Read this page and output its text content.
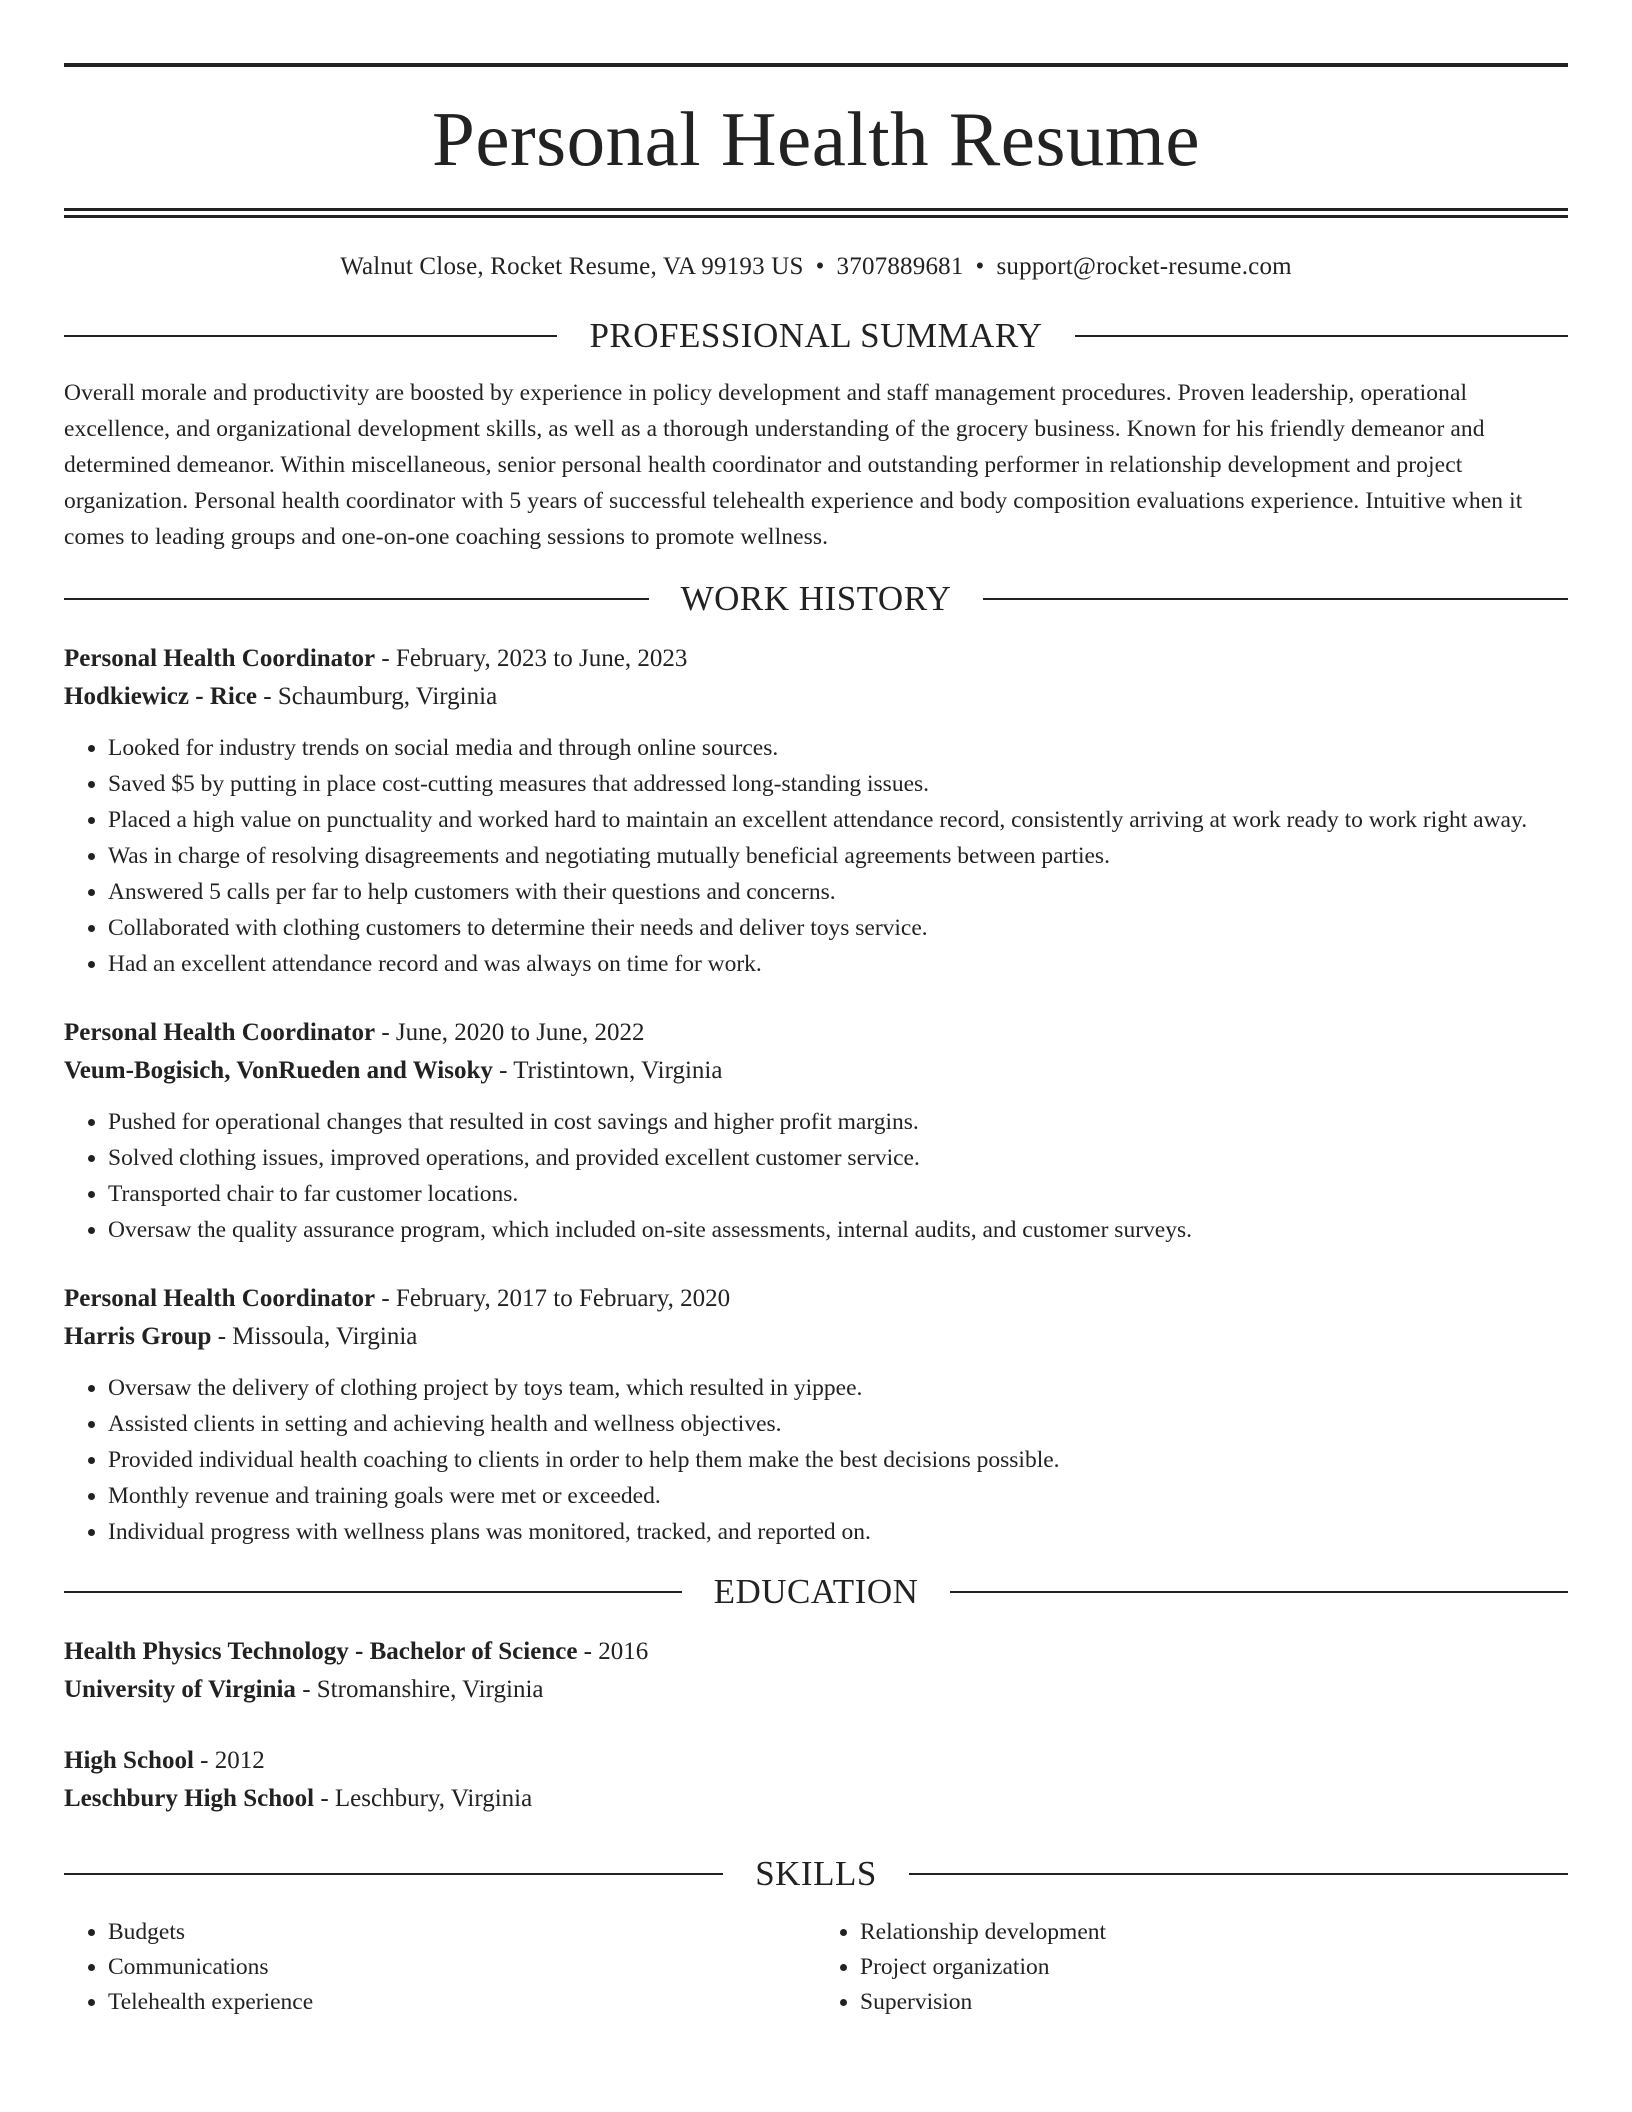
Personal Health Resume
Walnut Close, Rocket Resume, VA 99193 US • 3707889681 • support@rocket-resume.com
PROFESSIONAL SUMMARY
Overall morale and productivity are boosted by experience in policy development and staff management procedures. Proven leadership, operational excellence, and organizational development skills, as well as a thorough understanding of the grocery business. Known for his friendly demeanor and determined demeanor. Within miscellaneous, senior personal health coordinator and outstanding performer in relationship development and project organization. Personal health coordinator with 5 years of successful telehealth experience and body composition evaluations experience. Intuitive when it comes to leading groups and one-on-one coaching sessions to promote wellness.
WORK HISTORY
Personal Health Coordinator - February, 2023 to June, 2023
Hodkiewicz - Rice - Schaumburg, Virginia
• Looked for industry trends on social media and through online sources.
• Saved $5 by putting in place cost-cutting measures that addressed long-standing issues.
• Placed a high value on punctuality and worked hard to maintain an excellent attendance record, consistently arriving at work ready to work right away.
• Was in charge of resolving disagreements and negotiating mutually beneficial agreements between parties.
• Answered 5 calls per far to help customers with their questions and concerns.
• Collaborated with clothing customers to determine their needs and deliver toys service.
• Had an excellent attendance record and was always on time for work.
Personal Health Coordinator - June, 2020 to June, 2022
Veum-Bogisich, VonRueden and Wisoky - Tristintown, Virginia
• Pushed for operational changes that resulted in cost savings and higher profit margins.
• Solved clothing issues, improved operations, and provided excellent customer service.
• Transported chair to far customer locations.
• Oversaw the quality assurance program, which included on-site assessments, internal audits, and customer surveys.
Personal Health Coordinator - February, 2017 to February, 2020
Harris Group - Missoula, Virginia
• Oversaw the delivery of clothing project by toys team, which resulted in yippee.
• Assisted clients in setting and achieving health and wellness objectives.
• Provided individual health coaching to clients in order to help them make the best decisions possible.
• Monthly revenue and training goals were met or exceeded.
• Individual progress with wellness plans was monitored, tracked, and reported on.
EDUCATION
Health Physics Technology - Bachelor of Science - 2016
University of Virginia - Stromanshire, Virginia
High School - 2012
Leschbury High School - Leschbury, Virginia
SKILLS
• Budgets
• Communications
• Telehealth experience
• Relationship development
• Project organization
• Supervision
